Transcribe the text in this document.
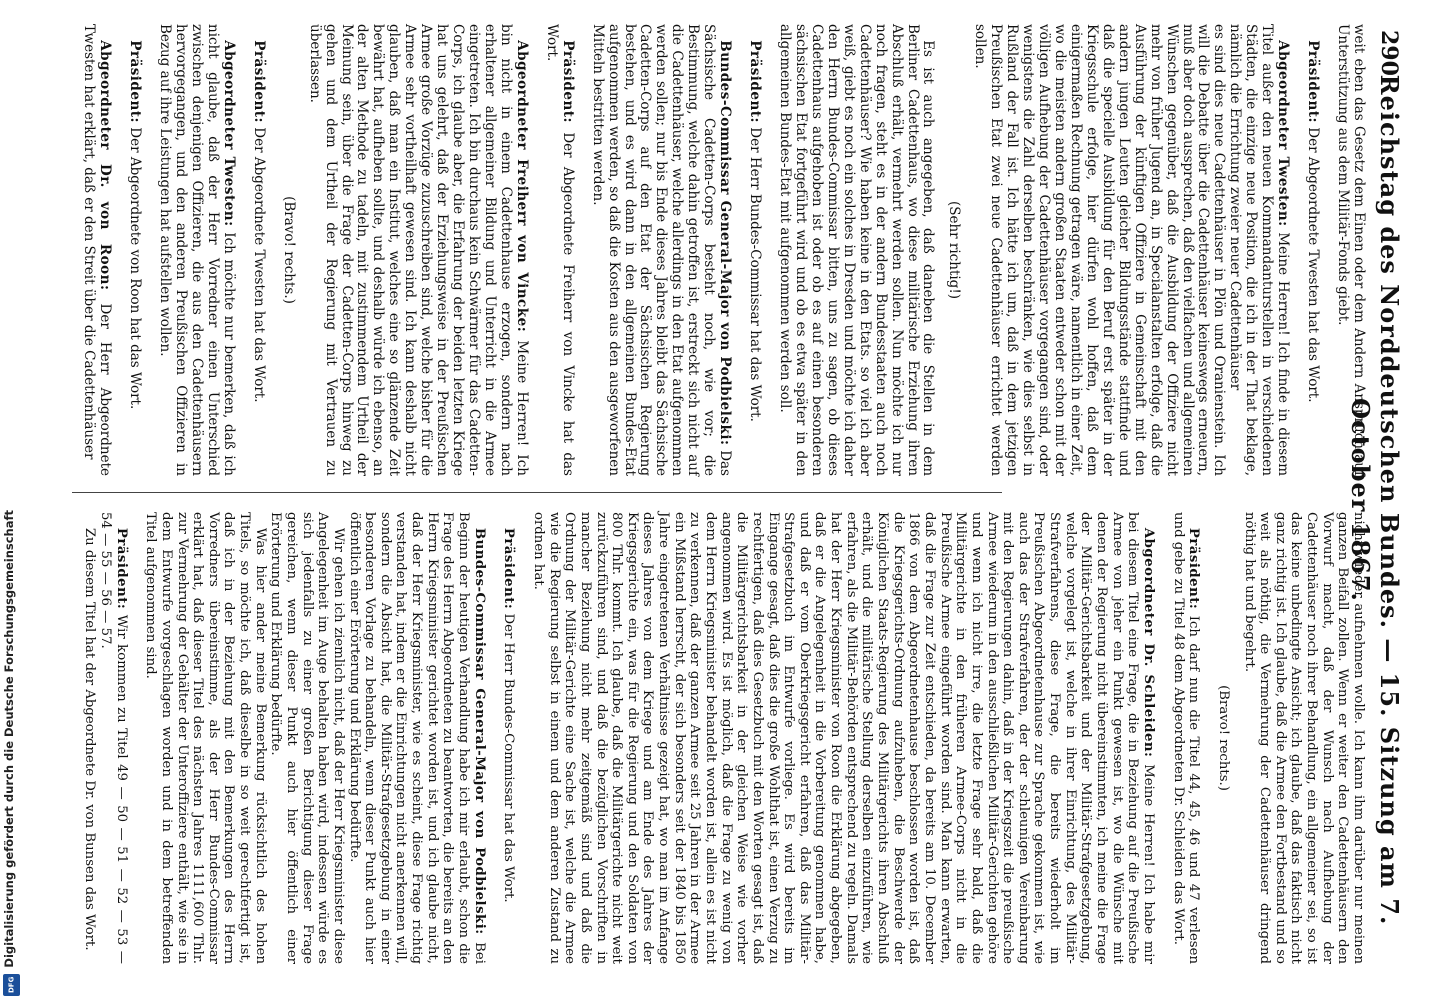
290
Reichstag des Norddeutschen Bundes. — 15. Sitzung am 7. October 1867.

weit eben das Gesetz dem Einen oder dem Andern Anspruch auf Unterstützung aus dem Militär-Fonds giebt.

Präsident: Der Abgeordnete Twesten hat das Wort.

Abgeordneter Twesten: Meine Herren! Ich finde in diesem Titel außer den neuen Kommandanturstellen in verschiedenen Städten, die einzige neue Position, die ich in der That beklage, nämlich die Errichtung zweier neuer Cadettenhäuser

es sind dies neue Cadettenhäuser in Plön und Oranienstein. Ich will die Debatte über die Cadettenhäuser keineswegs erneuern, muß aber doch aussprechen, daß den vielfachen und allgemeinen Wünschen gegenüber, daß die Ausbildung der Offiziere nicht mehr von früher Jugend an, in Specialanstalten erfolge, daß die Ausführung der künftigen Offiziere in Gemeinschaft mit den andern jungen Leuten gleicher Bildungsstände stattfinde und daß die specielle Ausbildung für den Beruf erst später in der Kriegsschule erfolge, hier dürfen wohl hoffen, daß dem einigermaßen Rechnung getragen wäre, namentlich in einer Zeit, wo die meisten andern großen Staaten entweder schon mit der völligen Aufhebung der Cadettenhäuser vorgegangen sind, oder wenigstens die Zahl derselben beschränken, wie dies selbst in Rußland der Fall ist. Ich hätte ich um, daß in dem jetzigen Preußischen Etat zwei neue Cadettenhäuser errichtet werden sollen.

(Sehr richtig!)

Es ist auch angegeben, daß daneben die Stellen in dem Berliner Cadettenhaus, wo diese militärische Erziehung ihren Abschluß erhält, vermehrt werden sollen. Nun möchte ich nur noch fragen, steht es in der andern Bundesstaaten auch noch Cadettenhäuser? Wie haben keine in den Etats. so viel ich aber weiß, giebt es noch ein solches in Dresden und möchte ich daher den Herrn Bundes-Commissar bitten, uns zu sagen, ob dieses Cadettenhaus aufgehoben ist oder ob es auf einen besonderen sächsischen Etat fortgeführt wird und ob es etwa später in den allgemeinen Bundes-Etat mit aufgenommen werden soll.

Präsident: Der Herr Bundes-Commissar hat das Wort.

Bundes-Commissar General-Major von Podbielski: Das Sächsische Cadetten-Corps besteht noch, wie vor; die Bestimmung, welche dahin getroffen ist, erstreckt sich nicht auf die Cadettenhäuser, welche allerdings in den Etat aufgenommen werden sollen; nur bis Ende dieses Jahres bleibt das Sächsische Cadetten-Corps auf den Etat der Sächsischen Regierung bestehen, und es wird dann in den allgemeinen Bundes-Etat aufgenommen werden, so daß die Kosten aus den ausgeworfenen Mitteln bestritten werden.

Präsident: Der Abgeordnete Freiherr von Vincke hat das Wort.

Abgeordneter Freiherr von Vincke: Meine Herren! Ich bin nicht in einem Cadettenhause erzogen, sondern nach erhaltener allgemeiner Bildung und Unterricht in die Armee eingetreten. Ich bin durchaus kein Schwärmer für das Cadetten-Corps, ich glaube aber, die Erfahrung der beiden letzten Kriege hat uns gelehrt, daß der Erziehungsweise in der Preußischen Armee große Vorzüge zuzuschreiben sind, welche bisher für die Armee sehr vortheilhaft gewesen sind. Ich kann deshalb nicht glauben, daß man ein Institut, welches eine so glänzende Zeit bewährt hat, aufheben sollte, und deshalb würde ich ebenso, an der alten Methode zu tadeln, mit zustimmendem Urtheil der Meinung sein, über die Frage der Cadetten-Corps hinweg zu gehen und dem Urtheil der Regierung mit Vertrauen zu überlassen.

(Bravo! rechts.)

Präsident: Der Abgeordnete Twesten hat das Wort.

Abgeordneter Twesten: Ich möchte nur bemerken, daß ich nicht glaube, daß der Herr Vorredner einen Unterschied zwischen denjenigen Offizieren, die aus den Cadettenhäusern hervorgegangen, und den anderen Preußischen Offizieren in Bezug auf ihre Leistungen hat aufstellen wollen.

Präsident: Der Abgeordnete von Roon hat das Wort.

Abgeordneter Dr. von Roon: Der Herr Abgeordnete Twesten hat erklärt, daß er den Streit über die Cadettenhäuser

nicht wieder aufnehmen wolle. Ich kann ihm darüber nur meinen ganzen Beifall zollen. Wenn er weiter den Cadettenhäusern den Vorwurf macht, daß der Wunsch nach Aufhebung der Cadettenhäuser noch ihrer Behandlung, ein allgemeiner sei, so ist das keine unbedingte Ansicht; ich glaube, daß das faktisch nicht ganz richtig ist. Ich glaube, daß die Armee den Fortbestand und so weit als nöthig, die Vermehrung der Cadettenhäuser dringend nöthig hat und begehrt.

(Bravo! rechts.)

Präsident: Ich darf nun die Titel 44, 45, 46 und 47 verlesen und gebe zu Titel 48 dem Abgeordneten Dr. Schleiden das Wort.

Abgeordneter Dr. Schleiden: Meine Herren! Ich habe mir bei diesem Titel eine Frage, die in Beziehung auf die Preußische Armee von jeher ein Punkt gewesen ist, wo die Wünsche mit denen der Regierung nicht übereinstimmten, ich meine die Frage der Militär-Gerichtsbarkeit und der Militär-Strafgesetzgebung, welche vorgelegt ist, welche in ihrer Einrichtung, des Militär-Strafverfahrens, diese Frage, die bereits wiederholt im Preußischen Abgeordnetenhause zur Sprache gekommen ist, wie auch das der Strafverfahren, der der schleunigen Vereinbarung mit den Regierungen dahin, daß in der Kriegszeit die preußische Armee wiederum in den ausschließlichen Militär-Gerichten gehöre und wenn ich nicht irre, die letzte Frage sehr bald, daß die Militärgerichte in den früheren Armee-Corps nicht in die Preußische Armee eingeführt worden sind. Man kann erwarten, daß die Frage zur Zeit entschieden, da bereits am 10. December 1866 von dem Abgeordnetenhause beschlossen worden ist, daß die Kriegsgerichts-Ordnung aufzuheben, die Beschwerde der Königlichen Staats-Regierung des Militärgerichts ihren Abschluß erhält, und die militärische Stellung derselben einzuführen, wie erfahren, als die Militär-Behörden entsprechend zu regeln. Damals hat der Herr Kriegsminister von Roon die Erklärung abgegeben, daß er die Angelegenheit in die Vorbereitung genommen habe, und daß er vom Oberkriegsgericht erfahren, daß das Militär-Strafgesetzbuch im Entwurfe vorliege. Es wird bereits im Eingange gesagt, daß dies die große Wohlthat ist, einen Verzug zu rechtfertigen, daß dies Gesetzbuch mit den Worten gesagt ist, daß die Militärgerichtsbarkeit in der gleichen Weise wie vorher angenommen wird. Es ist möglich, daß die Frage zu wenig von dem Herrn Kriegsminister behandelt worden ist, allein es ist nicht zu verkennen, daß der ganzen Armee seit 25 Jahren in der Armee ein Mißstand herrscht, der sich besonders seit der 1840 bis 1850 Jahre eingetretenen Verhältnisse gezeigt hat, wo man im Anfange dieses Jahres von dem Kriege und am Ende des Jahres der Kriegsgerichte ein, was für die Regierung und den Soldaten von 800 Thlr. kommt. Ich glaube, daß die Militärgerichte nicht weit zurückzuführen sind, und daß die bezüglichen Vorschriften in mancher Beziehung nicht mehr zeitgemäß sind und daß die Ordnung der Militär-Gerichte eine Sache ist, welche die Armee wie die Regierung selbst in einem und dem anderen Zustand zu ordnen hat.

Präsident: Der Herr Bundes-Commissar hat das Wort.

Bundes-Commissar General-Major von Podbielski: Bei Beginn der heutigen Verhandlung habe ich mir erlaubt, schon die Frage des Herrn Abgeordneten zu beantworten, die bereits an den Herrn Kriegsminister gerichtet worden ist, und ich glaube nicht, daß der Herr Kriegsminister, wie es scheint, diese Frage richtig verstanden hat, indem er die Einrichtungen nicht anerkennen will, sondern die Absicht hat, die Militär-Strafgesetzgebung in einer besonderen Vorlage zu behandeln, wenn dieser Punkt auch hier öffentlich einer Erörterung und Erklärung bedürfte.

Wir gehen ich ziemlich nicht, daß der Herr Kriegsminister diese Angelegenheit im Auge behalten haben wird, indessen würde es sich jedenfalls zu einer großen Berichtigung dieser Frage gereichen, wenn dieser Punkt auch hier öffentlich einer Erörterung und Erklärung bedürfte.

Was hier ander meine Bemerkung rücksichtlich des hohen Titels, so möchte ich, daß dieselbe in so weit gerechtfertigt ist, daß ich in der Beziehung mit den Bemerkungen des Herrn Vorredners übereinstimme, als der Herr Bundes-Commissar erklärt hat, daß dieser Titel des nächsten Jahres 1111,600 Thlr. zur Vermehrung der Gehälter der Unteroffiziere enthält, wie sie in dem Entwurfe vorgeschlagen worden und in dem betreffenden Titel aufgenommen sind.

Präsident: Wir kommen zu Titel 49 — 50 — 51 — 52 — 53 — 54 — 55 — 56 — 57.

Zu diesem Titel hat der Abgeordnete Dr. von Bunsen das Wort.

Digitalisierung gefördert durch die Deutsche Forschungsgemeinschaft
DFG
